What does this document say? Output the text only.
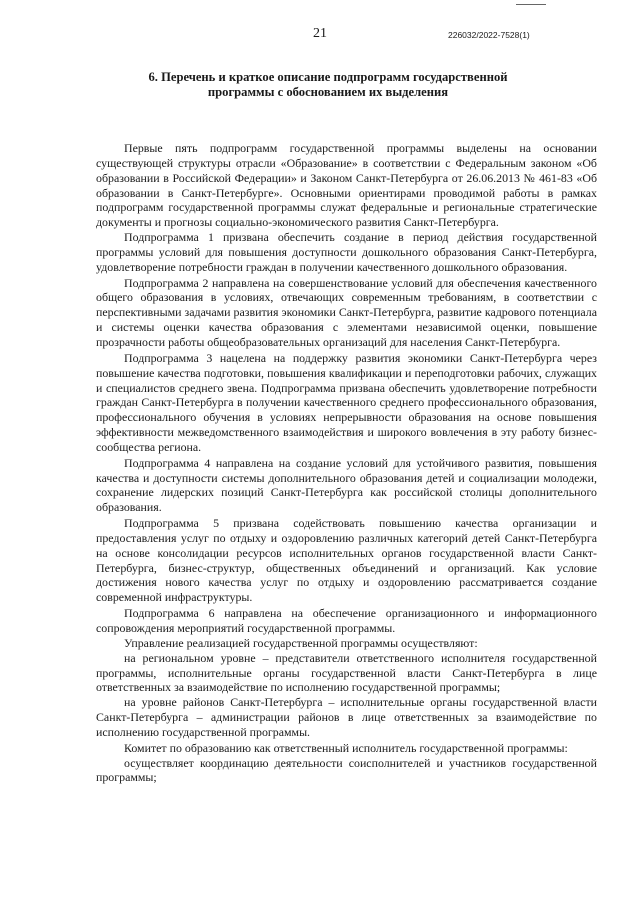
21	226032/2022-7528(1)
6. Перечень и краткое описание подпрограмм государственной
программы с обоснованием их выделения

Первые пять подпрограмм государственной программы выделены на основании существующей структуры отрасли «Образование» в соответствии с Федеральным законом «Об образовании в Российской Федерации» и Законом Санкт-Петербурга от 26.06.2013 № 461-83 «Об образовании в Санкт-Петербурге». Основными ориентирами проводимой работы в рамках подпрограмм государственной программы служат федеральные и региональные стратегические документы и прогнозы социально-экономического развития Санкт-Петербурга.

Подпрограмма 1 призвана обеспечить создание в период действия государственной программы условий для повышения доступности дошкольного образования Санкт-Петербурга, удовлетворение потребности граждан в получении качественного дошкольного образования.

Подпрограмма 2 направлена на совершенствование условий для обеспечения качественного общего образования в условиях, отвечающих современным требованиям, в соответствии с перспективными задачами развития экономики Санкт-Петербурга, развитие кадрового потенциала и системы оценки качества образования с элементами независимой оценки, повышение прозрачности работы общеобразовательных организаций для населения Санкт-Петербурга.

Подпрограмма 3 нацелена на поддержку развития экономики Санкт-Петербурга через повышение качества подготовки, повышения квалификации и переподготовки рабочих, служащих и специалистов среднего звена. Подпрограмма призвана обеспечить удовлетворение потребности граждан Санкт-Петербурга в получении качественного среднего профессионального образования, профессионального обучения в условиях непрерывности образования на основе повышения эффективности межведомственного взаимодействия и широкого вовлечения в эту работу бизнес-сообщества региона.

Подпрограмма 4 направлена на создание условий для устойчивого развития, повышения качества и доступности системы дополнительного образования детей и социализации молодежи, сохранение лидерских позиций Санкт-Петербурга как российской столицы дополнительного образования.

Подпрограмма 5 призвана содействовать повышению качества организации и предоставления услуг по отдыху и оздоровлению различных категорий детей Санкт-Петербурга на основе консолидации ресурсов исполнительных органов государственной власти Санкт-Петербурга, бизнес-структур, общественных объединений и организаций. Как условие достижения нового качества услуг по отдыху и оздоровлению рассматривается создание современной инфраструктуры.

Подпрограмма 6 направлена на обеспечение организационного и информационного сопровождения мероприятий государственной программы.

Управление реализацией государственной программы осуществляют:

на региональном уровне – представители ответственного исполнителя государственной программы, исполнительные органы государственной власти Санкт-Петербурга в лице ответственных за взаимодействие по исполнению государственной программы;

на уровне районов Санкт-Петербурга – исполнительные органы государственной власти Санкт-Петербурга – администрации районов в лице ответственных за взаимодействие по исполнению государственной программы.

Комитет по образованию как ответственный исполнитель государственной программы:

осуществляет координацию деятельности соисполнителей и участников государственной программы;
